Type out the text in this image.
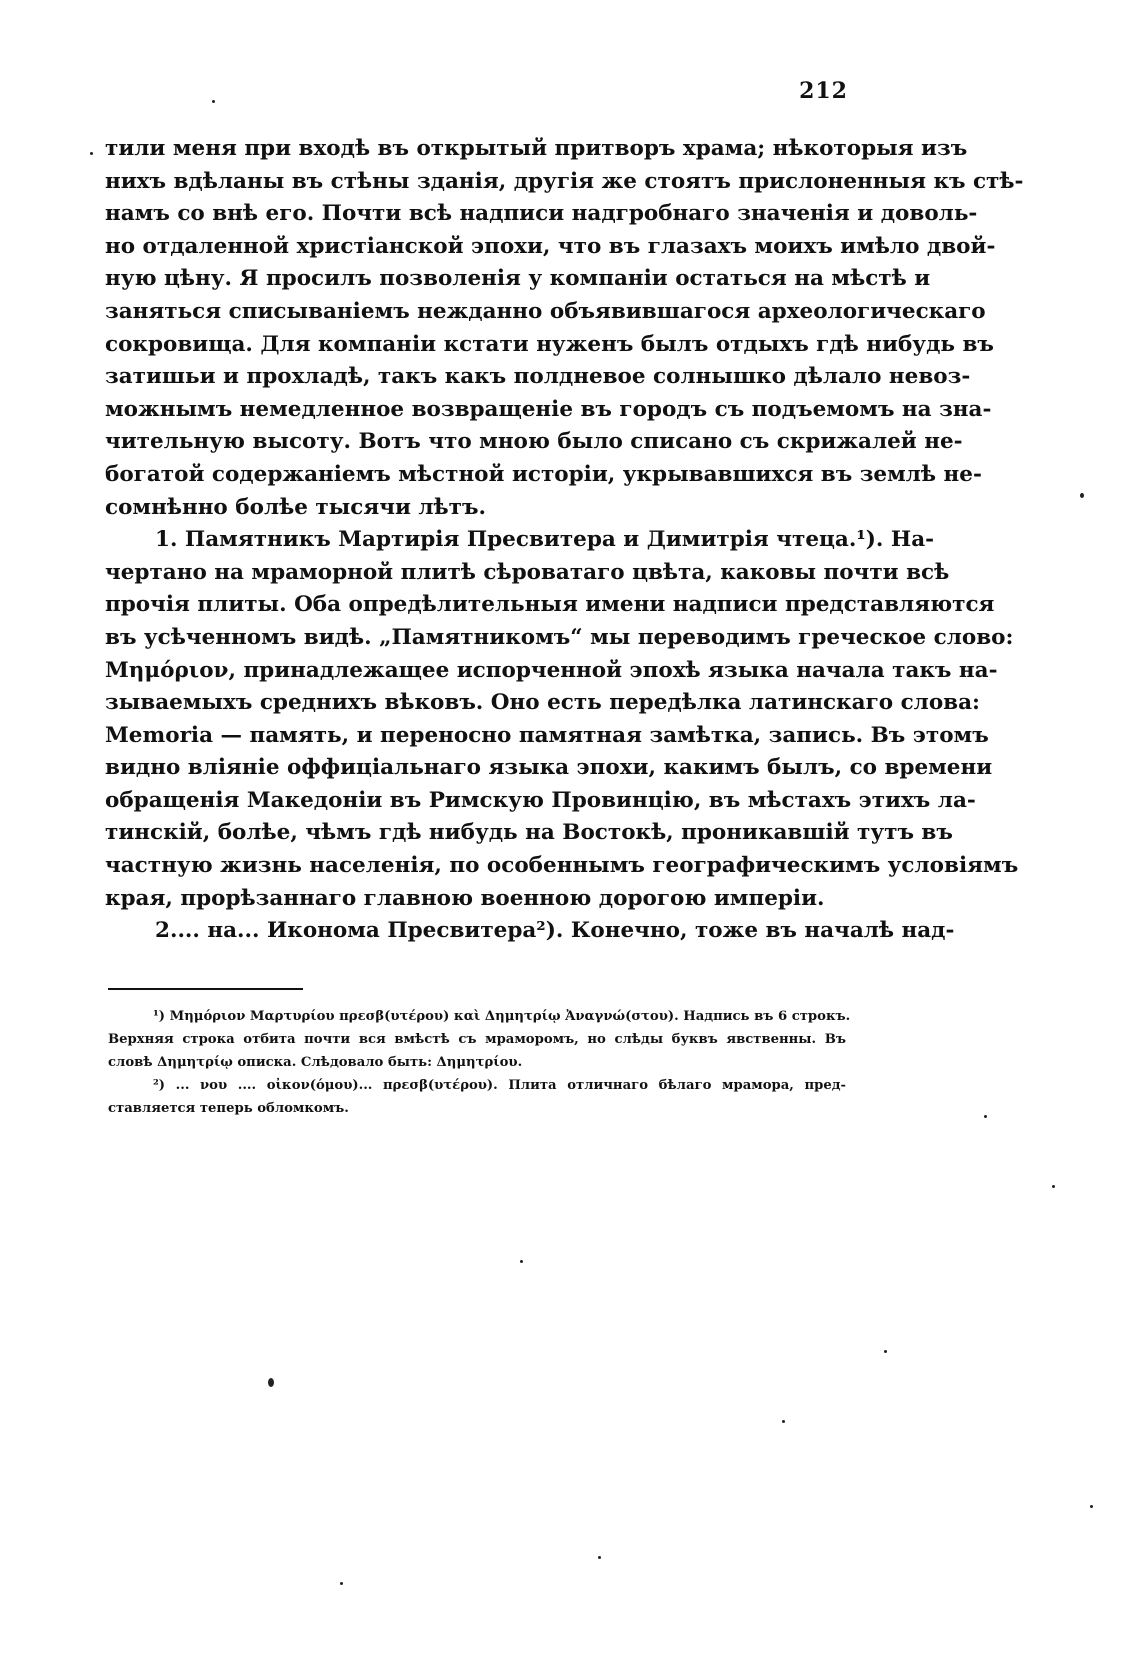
212
тили меня при входѣ въ открытый притворъ храма; нѣкоторыя изъ
нихъ вдѣланы въ стѣны зданія, другія же стоятъ прислоненныя къ стѣ-
намъ со внѣ его. Почти всѣ надписи надгробнаго значенія и доволь-
но отдаленной христіанской эпохи, что въ глазахъ моихъ имѣло двой-
ную цѣну. Я просилъ позволенія у компаніи остаться на мѣстѣ и
заняться списываніемъ нежданно объявившагося археологическаго
сокровища. Для компаніи кстати нуженъ былъ отдыхъ гдѣ нибудь въ
затишьи и прохладѣ, такъ какъ полдневое солнышко дѣлало невоз-
можнымъ немедленное возвращеніе въ городъ съ подъемомъ на зна-
чительную высоту. Вотъ что мною было списано съ скрижалей не-
богатой содержаніемъ мѣстной исторіи, укрывавшихся въ землѣ не-
сомнѣнно болѣе тысячи лѣтъ.
1. Памятникъ Мартирія Пресвитера и Димитрія чтеца.¹). На-
чертано на мраморной плитѣ сѣроватаго цвѣта, каковы почти всѣ
прочія плиты. Оба опредѣлительныя имени надписи представляются
въ усѣченномъ видѣ. „Памятникомъ“ мы переводимъ греческое слово:
Μημόριον, принадлежащее испорченной эпохѣ языка начала такъ на-
зываемыхъ среднихъ вѣковъ. Оно есть передѣлка латинскаго слова:
Memoria — память, и переносно памятная замѣтка, запись. Въ этомъ
видно вліяніе оффиціальнаго языка эпохи, какимъ былъ, со времени
обращенія Македоніи въ Римскую Провинцію, въ мѣстахъ этихъ ла-
тинскій, болѣе, чѣмъ гдѣ нибудь на Востокѣ, проникавшій тутъ въ
частную жизнь населенія, по особеннымъ географическимъ условіямъ
края, прорѣзаннаго главною военною дорогою имперіи.
2.... на... Иконома Пресвитера²). Конечно, тоже въ началѣ над-
¹) Μημόριον Μαρτυρίου πρεσβ(υτέρου) καὶ Δημητρίῳ Ἀναγνώ(στου). Надпись въ 6 строкъ.
Верхняя строка отбита почти вся вмѣстѣ съ мраморомъ, но слѣды буквъ явственны. Въ
словѣ Δημητρίῳ описка. Слѣдовало быть: Δημητρίου.
²) ... νου .... οἰκον(όμου)... πρεσβ(υτέρου). Плита отличнаго бѣлаго мрамора, пред-
ставляется теперь обломкомъ.
